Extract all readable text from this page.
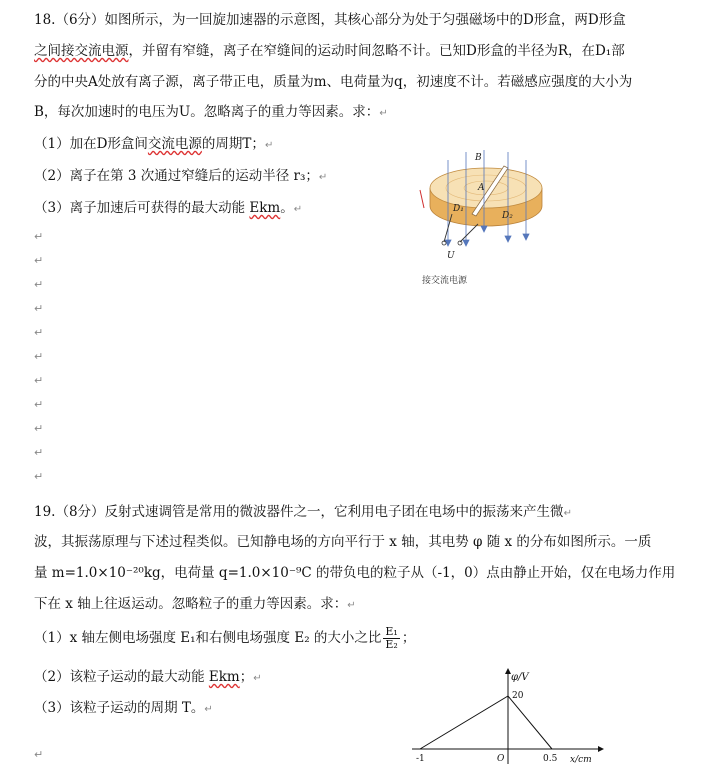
18.（6分）如图所示，为一回旋加速器的示意图，其核心部分为处于匀强磁场中的D形盒，两D形盒
之间接交流电源，并留有窄缝，离子在窄缝间的运动时间忽略不计。已知D形盒的半径为R，在D₁部
分的中央A处放有离子源，离子带正电，质量为m、电荷量为q，初速度不计。若磁感应强度的大小为
B，每次加速时的电压为U。忽略离子的重力等因素。求：↵
（1）加在D形盒间交流电源的周期T；↵
（2）离子在第 3 次通过窄缝后的运动半径 r₃；↵
（3）离子加速后可获得的最大动能 Ekm。↵
↵
↵
↵
↵
↵
↵
↵
↵
↵
↵
↵
B
A
D₁
D₂
U
接交流电源
19.（8分）反射式速调管是常用的微波器件之一，它利用电子团在电场中的振荡来产生微↵
波，其振荡原理与下述过程类似。已知静电场的方向平行于 x 轴，其电势 φ 随 x 的分布如图所示。一质
量 m=1.0×10⁻²⁰kg，电荷量 q=1.0×10⁻⁹C 的带负电的粒子从（-1，0）点由静止开始，仅在电场力作用
下在 x 轴上往返运动。忽略粒子的重力等因素。求：↵
（1）x 轴左侧电场强度 E₁和右侧电场强度 E₂ 的大小之比 $\frac{\text{E₁}}{\text{E₂}}$ ；
（2）该粒子运动的最大动能 Ekm；↵
（3）该粒子运动的周期 T。↵
↵
φ/V
20
-1	O	0.5 x/cm
